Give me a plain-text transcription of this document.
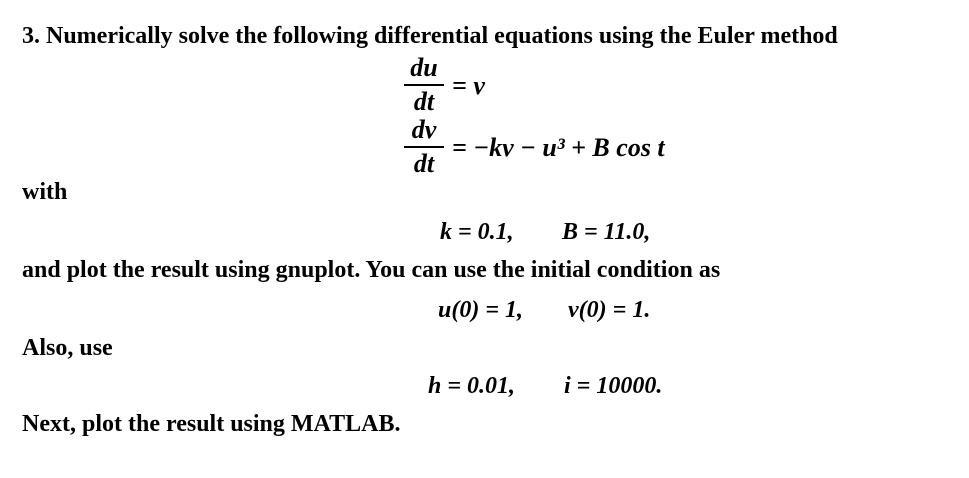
3. Numerically solve the following differential equations using the Euler method
du
dt
= v
dv
dt
= −kv − u³ + B cos t
with
k = 0.1, B = 11.0,
and plot the result using gnuplot. You can use the initial condition as
u(0) = 1, v(0) = 1.
Also, use
h = 0.01, i = 10000.
Next, plot the result using MATLAB.
